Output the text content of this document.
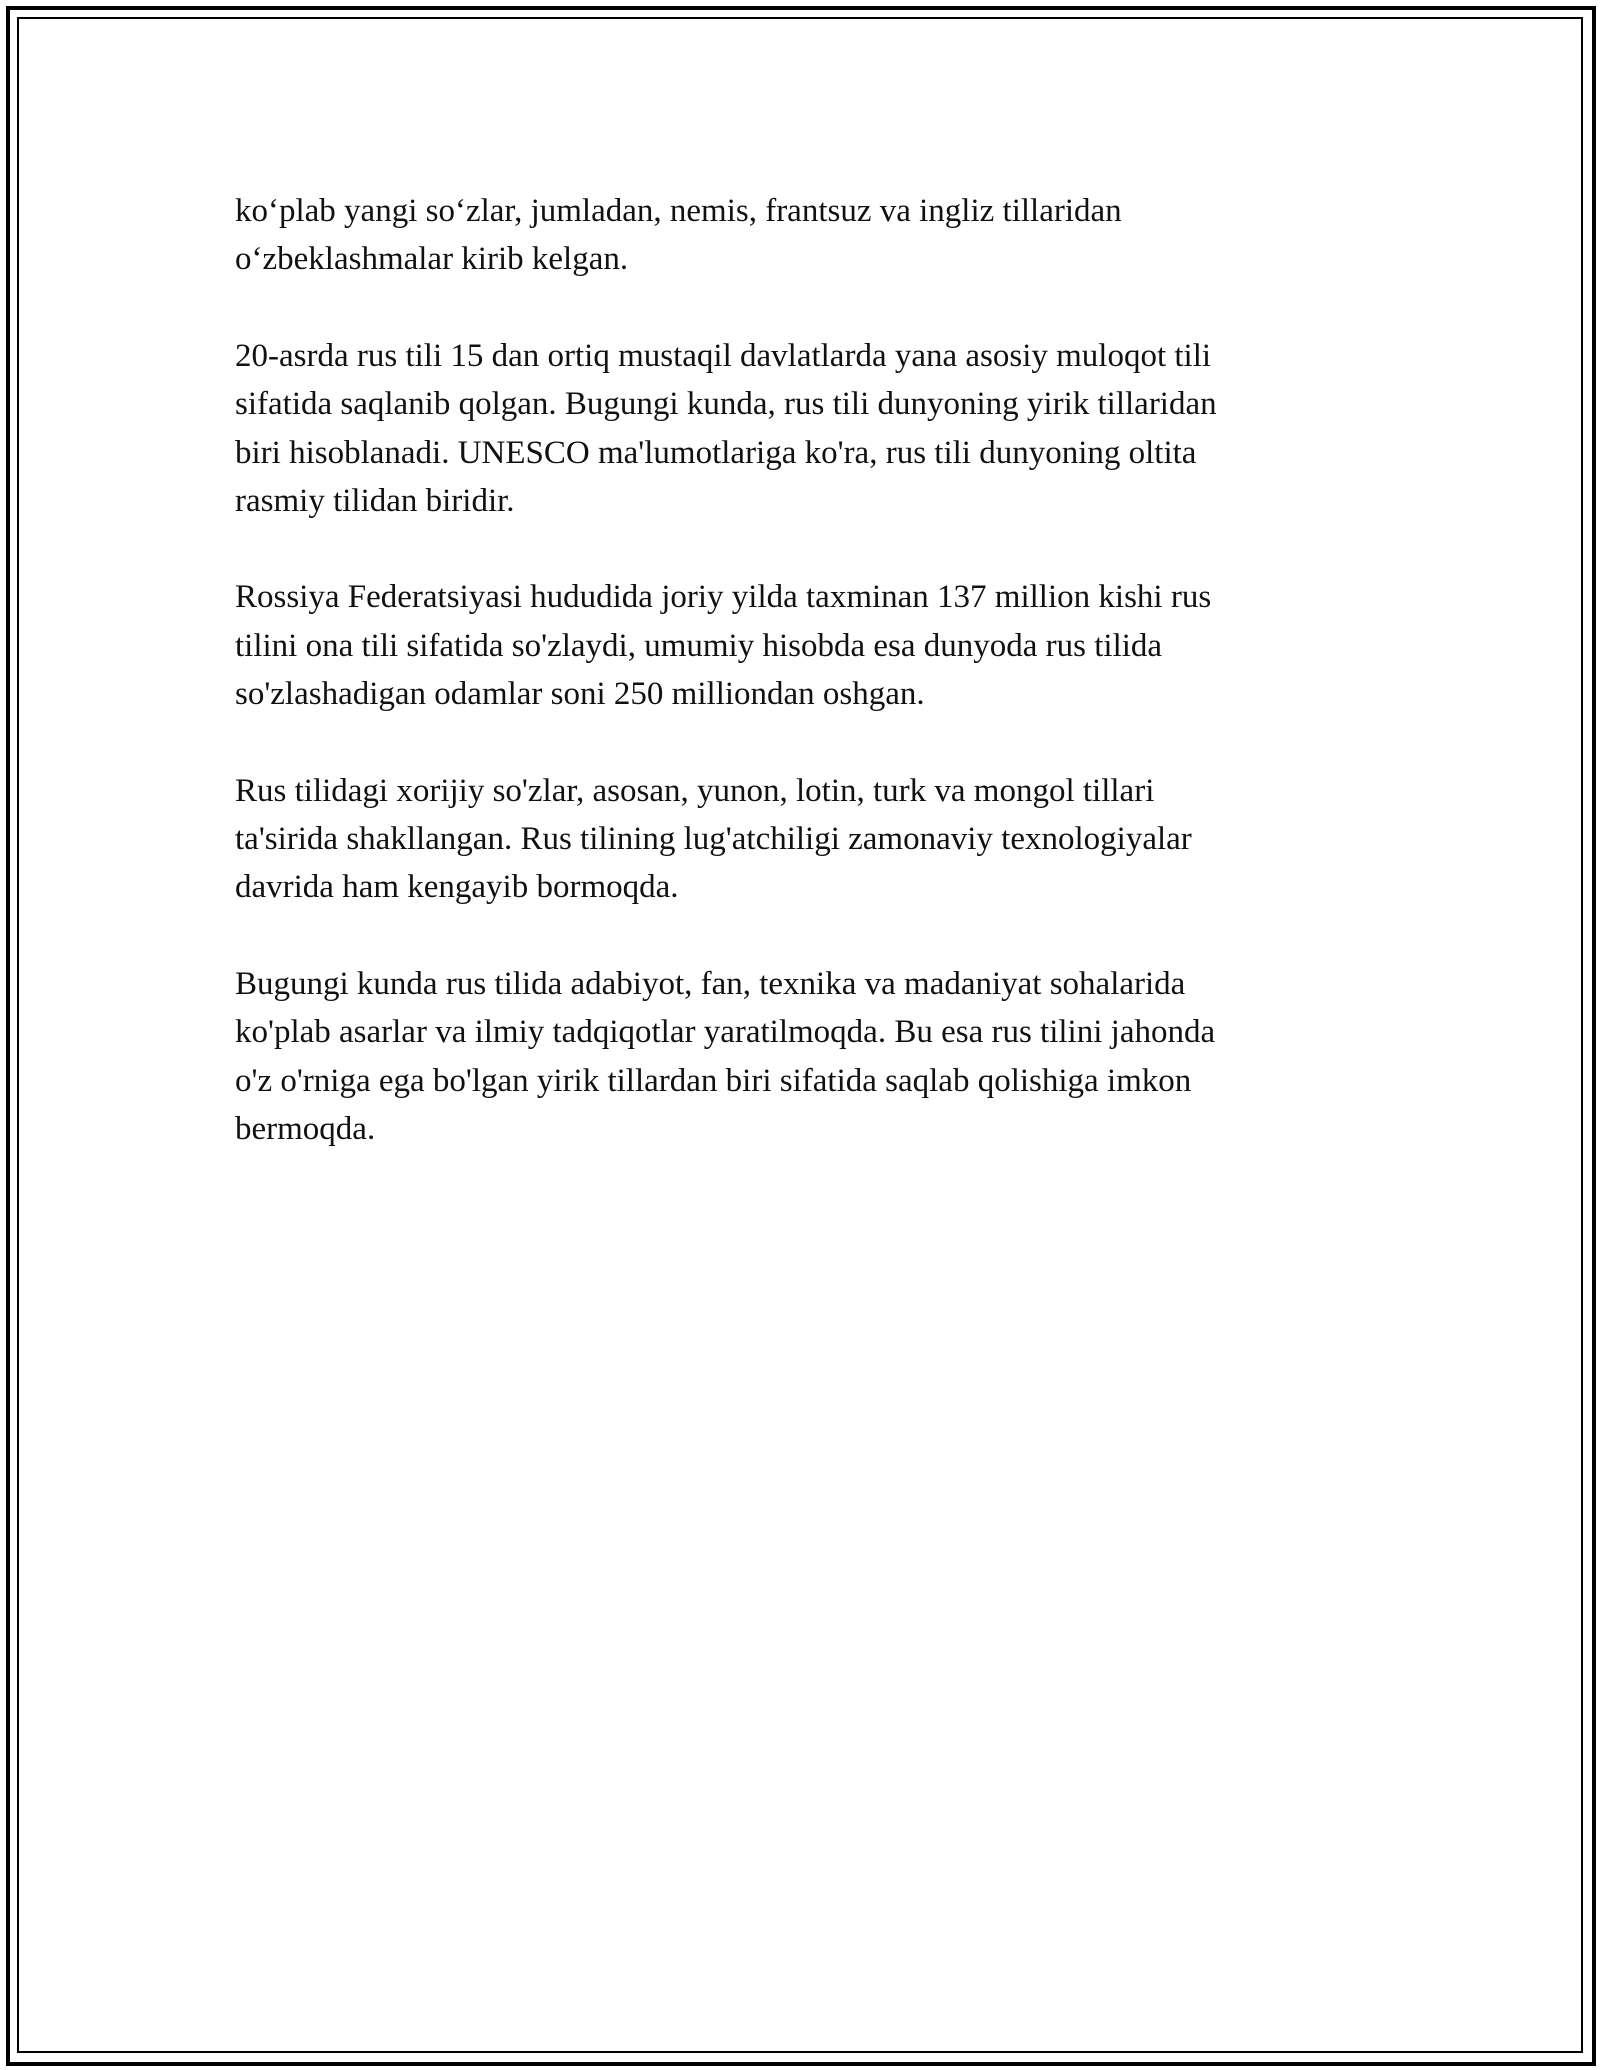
ko‘plab yangi so‘zlar, jumladan, nemis, frantsuz va ingliz tillaridan
o‘zbeklashmalar kirib kelgan.

20-asrda rus tili 15 dan ortiq mustaqil davlatlarda yana asosiy muloqot tili
sifatida saqlanib qolgan. Bugungi kunda, rus tili dunyoning yirik tillaridan
biri hisoblanadi. UNESCO ma'lumotlariga ko'ra, rus tili dunyoning oltita
rasmiy tilidan biridir.

Rossiya Federatsiyasi hududida joriy yilda taxminan 137 million kishi rus
tilini ona tili sifatida so'zlaydi, umumiy hisobda esa dunyoda rus tilida
so'zlashadigan odamlar soni 250 milliondan oshgan.

Rus tilidagi xorijiy so'zlar, asosan, yunon, lotin, turk va mongol tillari
ta'sirida shakllangan. Rus tilining lug'atchiligi zamonaviy texnologiyalar
davrida ham kengayib bormoqda.

Bugungi kunda rus tilida adabiyot, fan, texnika va madaniyat sohalarida
ko'plab asarlar va ilmiy tadqiqotlar yaratilmoqda. Bu esa rus tilini jahonda
o'z o'rniga ega bo'lgan yirik tillardan biri sifatida saqlab qolishiga imkon
bermoqda.
